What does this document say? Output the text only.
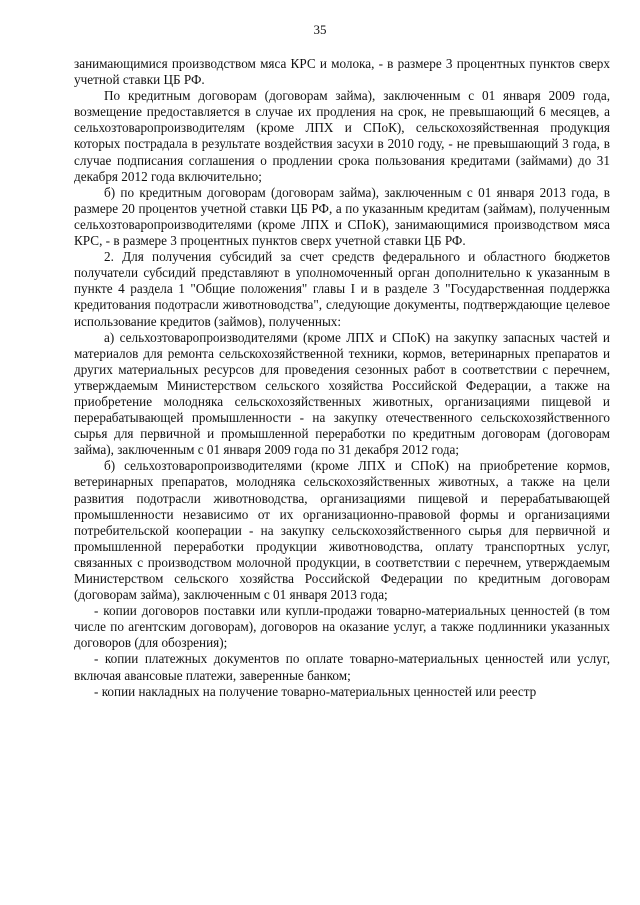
35

занимающимися производством мяса КРС и молока, - в размере 3 процентных пунктов сверх учетной ставки ЦБ РФ.

По кредитным договорам (договорам займа), заключенным с 01 января 2009 года, возмещение предоставляется в случае их продления на срок, не превышающий 6 месяцев, а сельхозтоваропроизводителям (кроме ЛПХ и СПоК), сельскохозяйственная продукция которых пострадала в результате воздействия засухи в 2010 году, - не превышающий 3 года, в случае подписания соглашения о продлении срока пользования кредитами (займами) до 31 декабря 2012 года включительно;

б) по кредитным договорам (договорам займа), заключенным с 01 января 2013 года, в размере 20 процентов учетной ставки ЦБ РФ, а по указанным кредитам (займам), полученным сельхозтоваропроизводителями (кроме ЛПХ и СПоК), занимающимися производством мяса КРС, - в размере 3 процентных пунктов сверх учетной ставки ЦБ РФ.

2. Для получения субсидий за счет средств федерального и областного бюджетов получатели субсидий представляют в уполномоченный орган дополнительно к указанным в пункте 4 раздела 1 "Общие положения" главы I и в разделе 3 "Государственная поддержка кредитования подотрасли животноводства", следующие документы, подтверждающие целевое использование кредитов (займов), полученных:

а) сельхозтоваропроизводителями (кроме ЛПХ и СПоК) на закупку запасных частей и материалов для ремонта сельскохозяйственной техники, кормов, ветеринарных препаратов и других материальных ресурсов для проведения сезонных работ в соответствии с перечнем, утверждаемым Министерством сельского хозяйства Российской Федерации, а также на приобретение молодняка сельскохозяйственных животных, организациями пищевой и перерабатывающей промышленности - на закупку отечественного сельскохозяйственного сырья для первичной и промышленной переработки по кредитным договорам (договорам займа), заключенным с 01 января 2009 года по 31 декабря 2012 года;

б) сельхозтоваропроизводителями (кроме ЛПХ и СПоК) на приобретение кормов, ветеринарных препаратов, молодняка сельскохозяйственных животных, а также на цели развития подотрасли животноводства, организациями пищевой и перерабатывающей промышленности независимо от их организационно-правовой формы и организациями потребительской кооперации - на закупку сельскохозяйственного сырья для первичной и промышленной переработки продукции животноводства, оплату транспортных услуг, связанных с производством молочной продукции, в соответствии с перечнем, утверждаемым Министерством сельского хозяйства Российской Федерации по кредитным договорам (договорам займа), заключенным с 01 января 2013 года;

- копии договоров поставки или купли-продажи товарно-материальных ценностей (в том числе по агентским договорам), договоров на оказание услуг, а также подлинники указанных договоров (для обозрения);

- копии платежных документов по оплате товарно-материальных ценностей или услуг, включая авансовые платежи, заверенные банком;

- копии накладных на получение товарно-материальных ценностей или реестр
